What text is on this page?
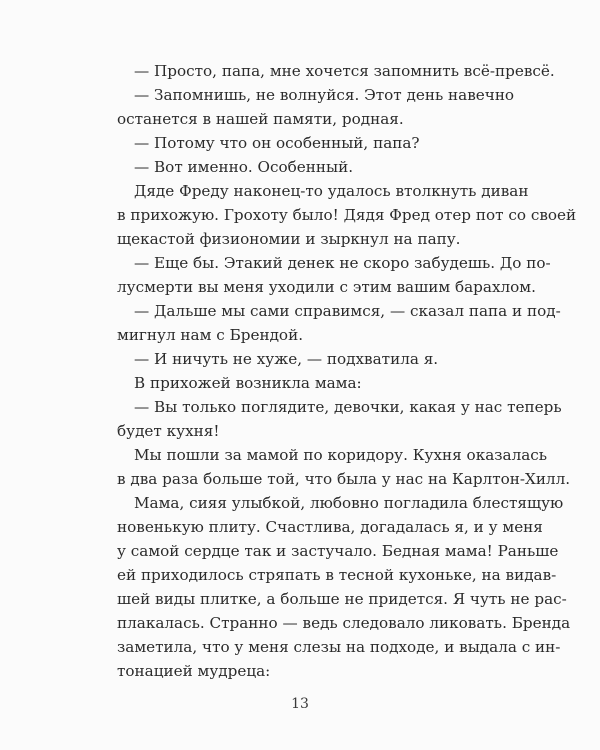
— Просто, папа, мне хочется запомнить всё-превсё.
— Запомнишь, не волнуйся. Этот день навечно
останется в нашей памяти, родная.
— Потому что он особенный, папа?
— Вот именно. Особенный.
Дяде Фреду наконец-то удалось втолкнуть диван
в прихожую. Грохоту было! Дядя Фред отер пот со своей
щекастой физиономии и зыркнул на папу.
— Еще бы. Этакий денек не скоро забудешь. До по-
лусмерти вы меня уходили с этим вашим барахлом.
— Дальше мы сами справимся, — сказал папа и под-
мигнул нам с Брендой.
— И ничуть не хуже, — подхватила я.
В прихожей возникла мама:
— Вы только поглядите, девочки, какая у нас теперь
будет кухня!
Мы пошли за мамой по коридору. Кухня оказалась
в два раза больше той, что была у нас на Карлтон-Хилл.
Мама, сияя улыбкой, любовно погладила блестящую
новенькую плиту. Счастлива, догадалась я, и у меня
у самой сердце так и застучало. Бедная мама! Раньше
ей приходилось стряпать в тесной кухоньке, на видав-
шей виды плитке, а больше не придется. Я чуть не рас-
плакалась. Странно — ведь следовало ликовать. Бренда
заметила, что у меня слезы на подходе, и выдала с ин-
тонацией мудреца:
13
